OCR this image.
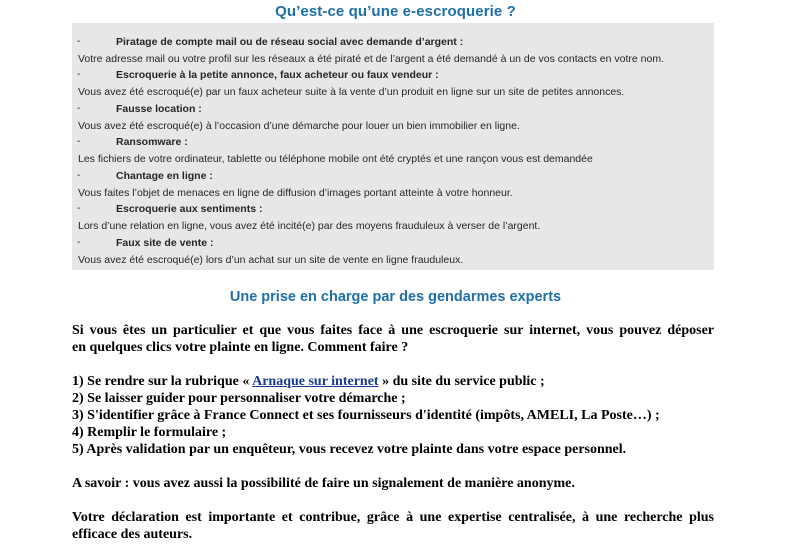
Qu’est-ce qu’une e-escroquerie ?
-	Piratage de compte mail ou de réseau social avec demande d’argent :
Votre adresse mail ou votre profil sur les réseaux a été piraté et de l’argent a été demandé à un de vos contacts en votre nom.
-	Escroquerie à la petite annonce, faux acheteur ou faux vendeur :
Vous avez été escroqué(e) par un faux acheteur suite à la vente d’un produit en ligne sur un site de petites annonces.
-	Fausse location :
Vous avez été escroqué(e) à l’occasion d’une démarche pour louer un bien immobilier en ligne.
-	Ransomware :
Les fichiers de votre ordinateur, tablette ou téléphone mobile ont été cryptés et une rançon vous est demandée
-	Chantage en ligne :
Vous faites l’objet de menaces en ligne de diffusion d’images portant atteinte à votre honneur.
-	Escroquerie aux sentiments :
Lors d’une relation en ligne, vous avez été incité(e) par des moyens frauduleux à verser de l’argent.
-	Faux site de vente :
Vous avez été escroqué(e) lors d’un achat sur un site de vente en ligne frauduleux.
Une prise en charge par des gendarmes experts
Si vous êtes un particulier et que vous faites face à une escroquerie sur internet, vous pouvez déposer
en quelques clics votre plainte en ligne. Comment faire ?
1) Se rendre sur la rubrique « Arnaque sur internet » du site du service public ;
2) Se laisser guider pour personnaliser votre démarche ;
3) S'identifier grâce à France Connect et ses fournisseurs d'identité (impôts, AMELI, La Poste…) ;
4) Remplir le formulaire ;
5) Après validation par un enquêteur, vous recevez votre plainte dans votre espace personnel.
A savoir : vous avez aussi la possibilité de faire un signalement de manière anonyme.
Votre déclaration est importante et contribue, grâce à une expertise centralisée, à une recherche plus
efficace des auteurs.
